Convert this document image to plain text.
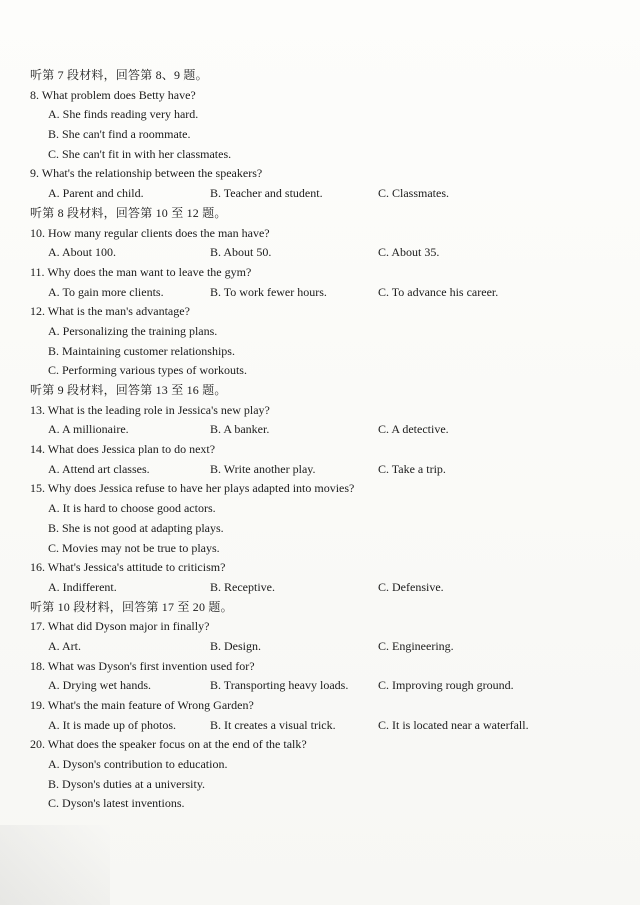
听第 7 段材料，回答第 8、9 题。
8. What problem does Betty have?
A. She finds reading very hard.
B. She can't find a roommate.
C. She can't fit in with her classmates.
9. What's the relationship between the speakers?
A. Parent and child.	B. Teacher and student.	C. Classmates.
听第 8 段材料，回答第 10 至 12 题。
10. How many regular clients does the man have?
A. About 100.	B. About 50.	C. About 35.
11. Why does the man want to leave the gym?
A. To gain more clients.	B. To work fewer hours.	C. To advance his career.
12. What is the man's advantage?
A. Personalizing the training plans.
B. Maintaining customer relationships.
C. Performing various types of workouts.
听第 9 段材料，回答第 13 至 16 题。
13. What is the leading role in Jessica's new play?
A. A millionaire.	B. A banker.	C. A detective.
14. What does Jessica plan to do next?
A. Attend art classes.	B. Write another play.	C. Take a trip.
15. Why does Jessica refuse to have her plays adapted into movies?
A. It is hard to choose good actors.
B. She is not good at adapting plays.
C. Movies may not be true to plays.
16. What's Jessica's attitude to criticism?
A. Indifferent.	B. Receptive.	C. Defensive.
听第 10 段材料，回答第 17 至 20 题。
17. What did Dyson major in finally?
A. Art.	B. Design.	C. Engineering.
18. What was Dyson's first invention used for?
A. Drying wet hands.	B. Transporting heavy loads.	C. Improving rough ground.
19. What's the main feature of Wrong Garden?
A. It is made up of photos.	B. It creates a visual trick.	C. It is located near a waterfall.
20. What does the speaker focus on at the end of the talk?
A. Dyson's contribution to education.
B. Dyson's duties at a university.
C. Dyson's latest inventions.
